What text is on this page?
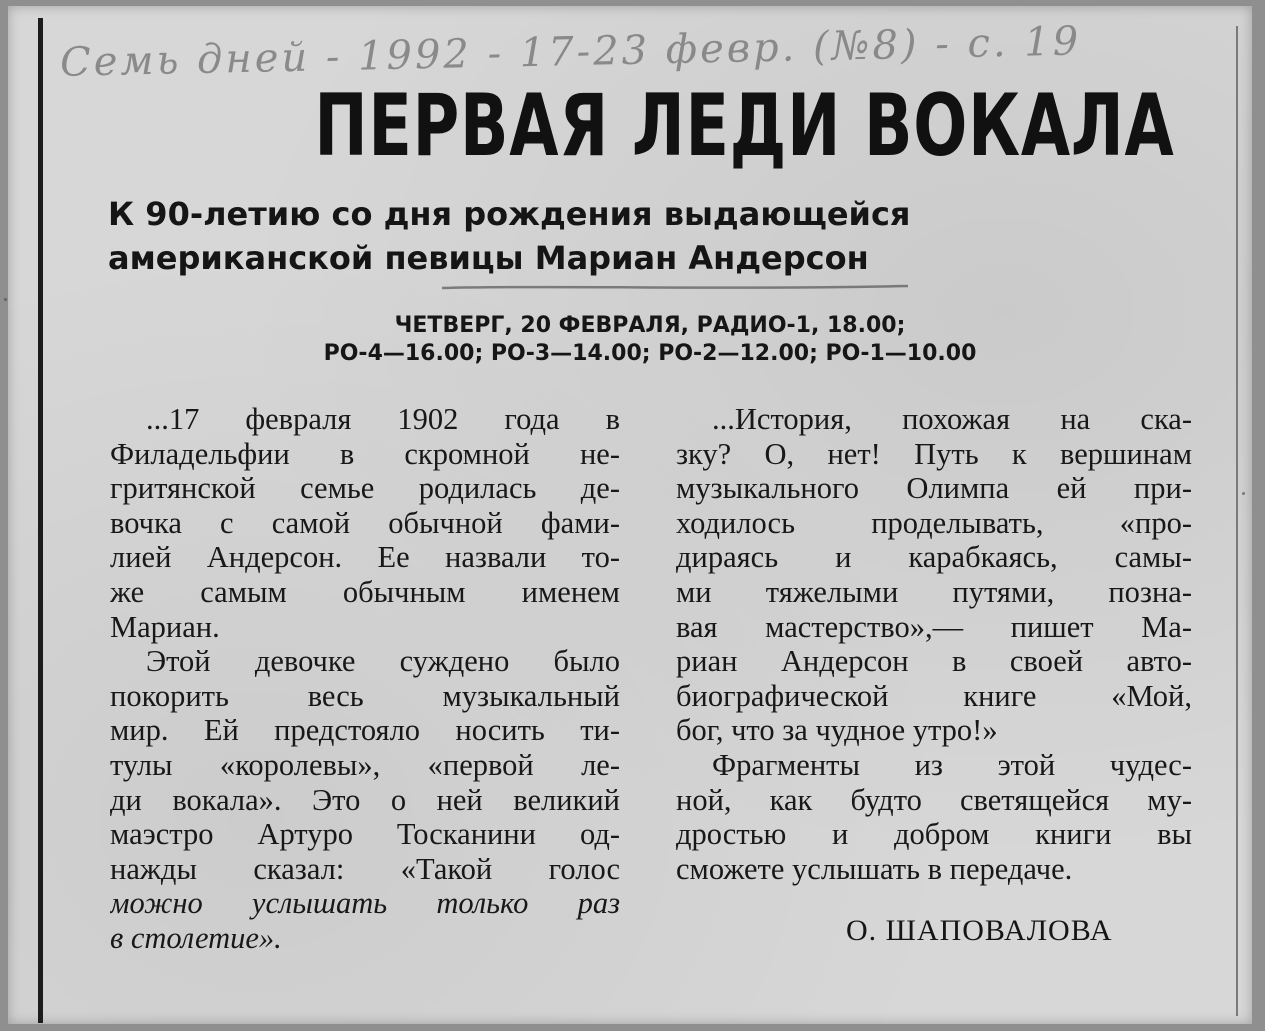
Семь дней - 1992 - 17-23 февр. (№8) - с. 19
ПЕРВАЯ ЛЕДИ ВОКАЛА
К 90-летию со дня рождения выдающейся
американской певицы Мариан Андерсон
ЧЕТВЕРГ, 20 ФЕВРАЛЯ, РАДИО-1, 18.00;
РО-4—16.00; РО-3—14.00; РО-2—12.00; РО-1—10.00
...17 февраля 1902 года в
Филадельфии в скромной не-
гритянской семье родилась де-
вочка с самой обычной фами-
лией Андерсон. Ее назвали то-
же самым обычным именем
Мариан.
Этой девочке суждено было
покорить весь музыкальный
мир. Ей предстояло носить ти-
тулы «королевы», «первой ле-
ди вокала». Это о ней великий
маэстро Артуро Тосканини од-
нажды сказал: «Такой голос
можно услышать только раз
в столетие».
...История, похожая на ска-
зку? О, нет! Путь к вершинам
музыкального Олимпа ей при-
ходилось проделывать, «про-
дираясь и карабкаясь, самы-
ми тяжелыми путями, позна-
вая мастерство»,— пишет Ма-
риан Андерсон в своей авто-
биографической книге «Мой,
бог, что за чудное утро!»
Фрагменты из этой чудес-
ной, как будто светящейся му-
дростью и добром книги вы
сможете услышать в передаче.
О. ШАПОВАЛОВА
